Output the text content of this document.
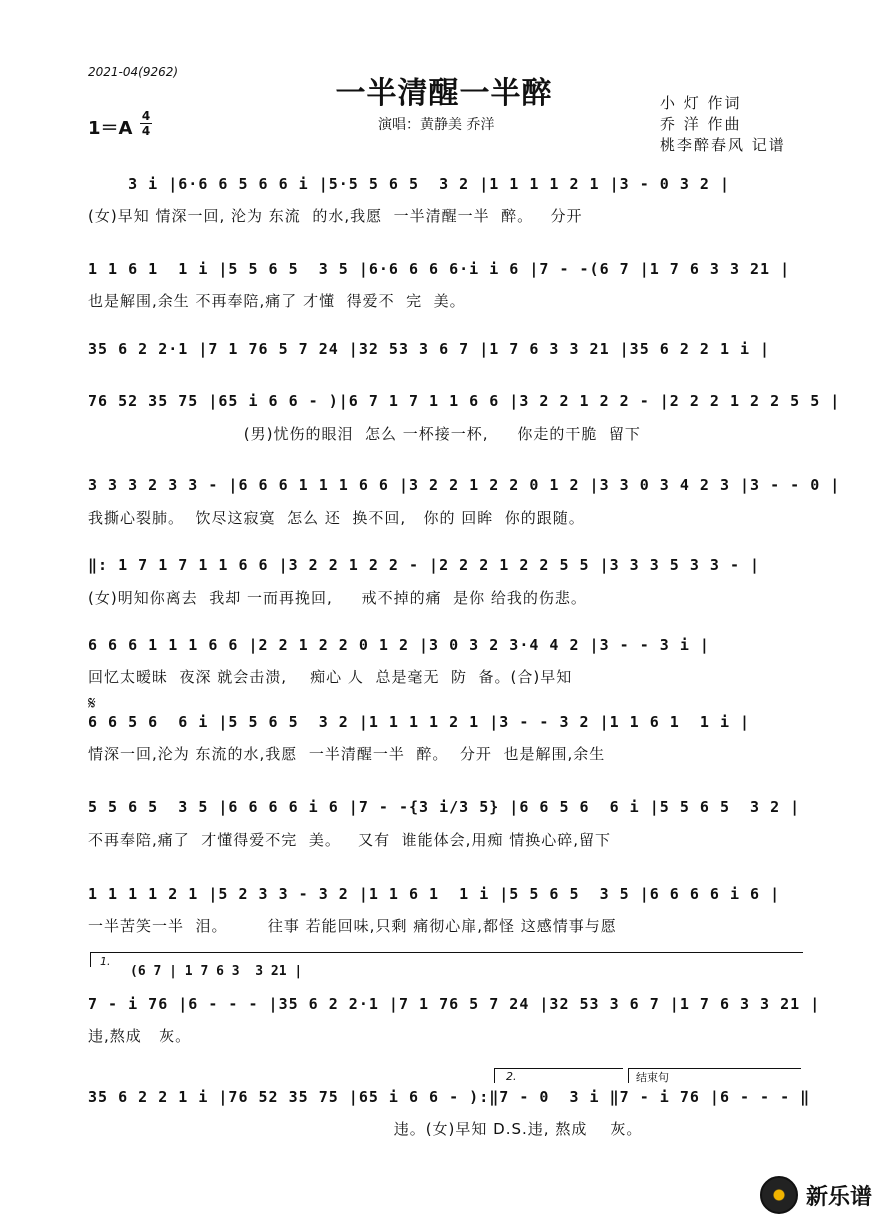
2021-04(9262)
一半清醒一半醉
演唱：黄静美 乔洋
1＝A
4
4
小 灯 作词
乔 洋 作曲
桃李醉春风 记谱
3 i |6·6 6 5 6 6 i |5·5 5 6 5  3 2 |1 1 1 1 2 1 |3 - 0 3 2 |
(女)早知 情深一回, 沦为 东流  的水,我愿  一半清醒一半  醉。   分开
1 1 6 1  1 i |5 5 6 5  3 5 |6·6 6 6 6·i i 6 |7 - -(6 7 |1 7 6 3 3 21 |
也是解围,余生 不再奉陪,痛了 才懂  得爱不  完  美。
35 6 2 2·1 |7 1 76 5 7 24 |32 53 3 6 7 |1 7 6 3 3 21 |35 6 2 2 1 i |
76 52 35 75 |65 i 6 6 - )|6 7 1 7 1 1 6 6 |3 2 2 1 2 2 - |2 2 2 1 2 2 5 5 |
(男)忧伤的眼泪  怎么 一杯接一杯,     你走的干脆  留下
3 3 3 2 3 3 - |6 6 6 1 1 1 6 6 |3 2 2 1 2 2 0 1 2 |3 3 0 3 4 2 3 |3 - - 0 |
我撕心裂肺。  饮尽这寂寞  怎么 还  换不回,   你的 回眸  你的跟随。
‖: 1 7 1 7 1 1 6 6 |3 2 2 1 2 2 - |2 2 2 1 2 2 5 5 |3 3 3 5 3 3 - |
(女)明知你离去  我却 一而再挽回,     戒不掉的痛  是你 给我的伤悲。
6 6 6 1 1 1 6 6 |2 2 1 2 2 0 1 2 |3 0 3 2 3·4 4 2 |3 - - 3 i |
回忆太暧昧  夜深 就会击溃,    痴心 人  总是毫无  防  备。(合)早知
𝄋
6 6 5 6  6 i |5 5 6 5  3 2 |1 1 1 1 2 1 |3 - - 3 2 |1 1 6 1  1 i |
情深一回,沦为 东流的水,我愿  一半清醒一半  醉。  分开  也是解围,余生
5 5 6 5  3 5 |6 6 6 6 i 6 |7 - -{3 i/3 5} |6 6 5 6  6 i |5 5 6 5  3 2 |
不再奉陪,痛了  才懂得爱不完  美。   又有  谁能体会,用痴 情换心碎,留下
1 1 1 1 2 1 |5 2 3 3 - 3 2 |1 1 6 1  1 i |5 5 6 5  3 5 |6 6 6 6 i 6 |
一半苦笑一半  泪。       往事 若能回味,只剩 痛彻心扉,都怪 这感情事与愿
1.
(6 7 | 1 7 6 3  3 21 |
7 - i 76 |6 - - - |35 6 2 2·1 |7 1 76 5 7 24 |32 53 3 6 7 |1 7 6 3 3 21 |
违,熬成   灰。
2.	结束句
35 6 2 2 1 i |76 52 35 75 |65 i 6 6 - ):‖7 - 0  3 i ‖7 - i 76 |6 - - - ‖
违。(女)早知 D.S.违, 熬成    灰。
新乐谱
